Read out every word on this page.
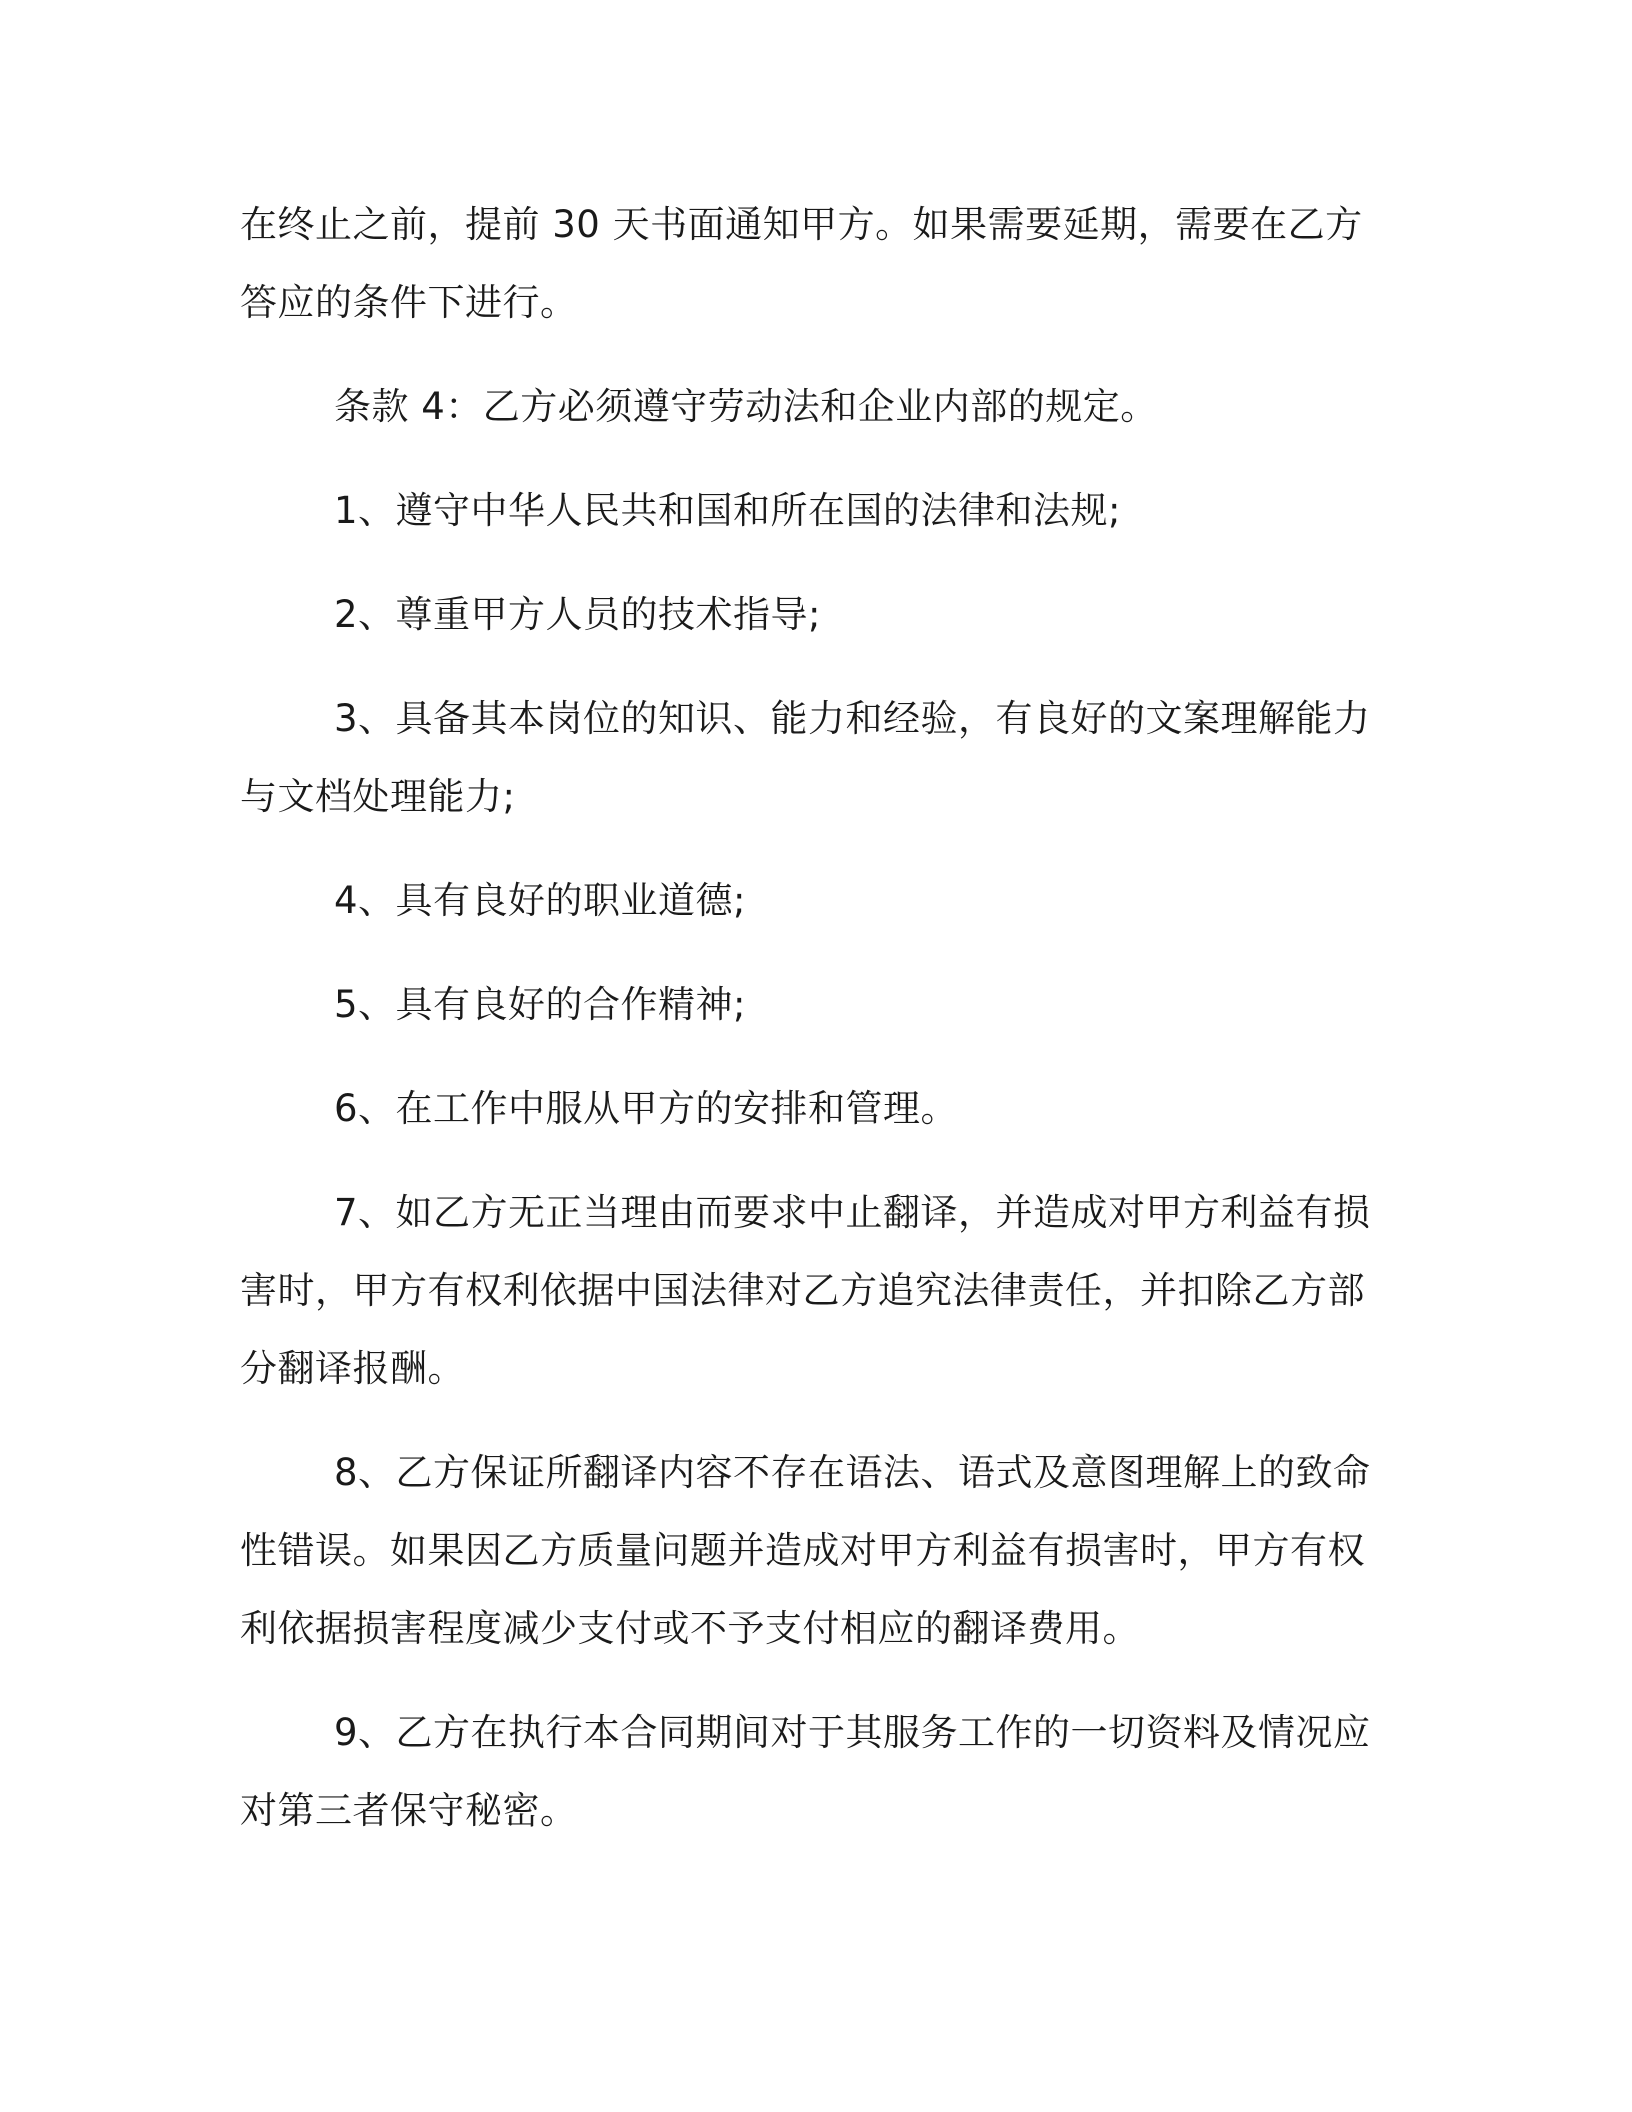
在终止之前，提前 30 天书面通知甲方。如果需要延期，需要在乙方答应的条件下进行。

条款 4：乙方必须遵守劳动法和企业内部的规定。

1、遵守中华人民共和国和所在国的法律和法规;

2、尊重甲方人员的技术指导;

3、具备其本岗位的知识、能力和经验，有良好的文案理解能力与文档处理能力;

4、具有良好的职业道德;

5、具有良好的合作精神;

6、在工作中服从甲方的安排和管理。

7、如乙方无正当理由而要求中止翻译，并造成对甲方利益有损害时，甲方有权利依据中国法律对乙方追究法律责任，并扣除乙方部分翻译报酬。

8、乙方保证所翻译内容不存在语法、语式及意图理解上的致命性错误。如果因乙方质量问题并造成对甲方利益有损害时，甲方有权利依据损害程度减少支付或不予支付相应的翻译费用。

9、乙方在执行本合同期间对于其服务工作的一切资料及情况应对第三者保守秘密。
